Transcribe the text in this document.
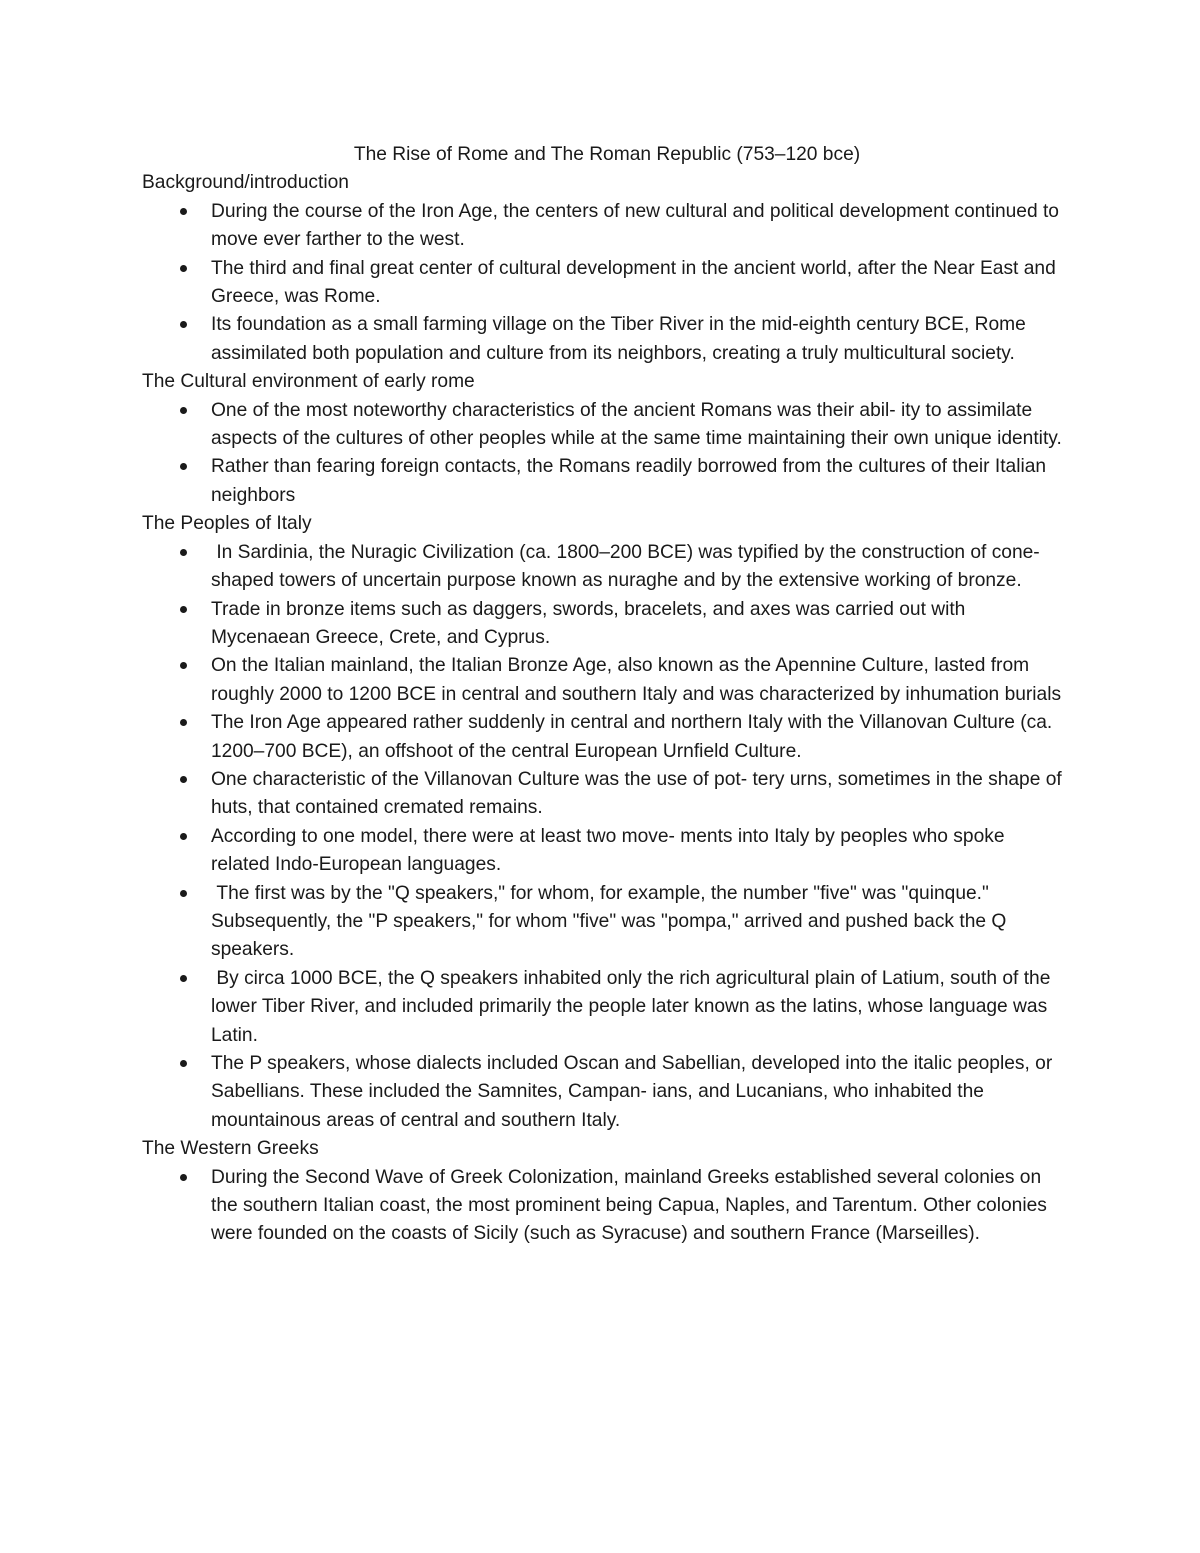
The Rise of Rome and The Roman Republic (753–120 bce)
Background/introduction
During the course of the Iron Age, the centers of new cultural and political development continued to move ever farther to the west.
The third and final great center of cultural development in the ancient world, after the Near East and Greece, was Rome.
Its foundation as a small farming village on the Tiber River in the mid-eighth century BCE, Rome assimilated both population and culture from its neighbors, creating a truly multicultural society.
The Cultural environment of early rome
One of the most noteworthy characteristics of the ancient Romans was their abil- ity to assimilate aspects of the cultures of other peoples while at the same time maintaining their own unique identity.
Rather than fearing foreign contacts, the Romans readily borrowed from the cultures of their Italian neighbors
The Peoples of Italy
In Sardinia, the Nuragic Civilization (ca. 1800–200 BCE) was typified by the construction of cone-shaped towers of uncertain purpose known as nuraghe and by the extensive working of bronze.
Trade in bronze items such as daggers, swords, bracelets, and axes was carried out with Mycenaean Greece, Crete, and Cyprus.
On the Italian mainland, the Italian Bronze Age, also known as the Apennine Culture, lasted from roughly 2000 to 1200 BCE in central and southern Italy and was characterized by inhumation burials
The Iron Age appeared rather suddenly in central and northern Italy with the Villanovan Culture (ca. 1200–700 BCE), an offshoot of the central European Urnfield Culture.
One characteristic of the Villanovan Culture was the use of pot- tery urns, sometimes in the shape of huts, that contained cremated remains.
According to one model, there were at least two move- ments into Italy by peoples who spoke related Indo-European languages.
The first was by the "Q speakers," for whom, for example, the number "five" was "quinque." Subsequently, the "P speakers," for whom "five" was "pompa," arrived and pushed back the Q speakers.
By circa 1000 BCE, the Q speakers inhabited only the rich agricultural plain of Latium, south of the lower Tiber River, and included primarily the people later known as the latins, whose language was Latin.
The P speakers, whose dialects included Oscan and Sabellian, developed into the italic peoples, or Sabellians. These included the Samnites, Campan- ians, and Lucanians, who inhabited the mountainous areas of central and southern Italy.
The Western Greeks
During the Second Wave of Greek Colonization, mainland Greeks established several colonies on the southern Italian coast, the most prominent being Capua, Naples, and Tarentum. Other colonies were founded on the coasts of Sicily (such as Syracuse) and southern France (Marseilles).
